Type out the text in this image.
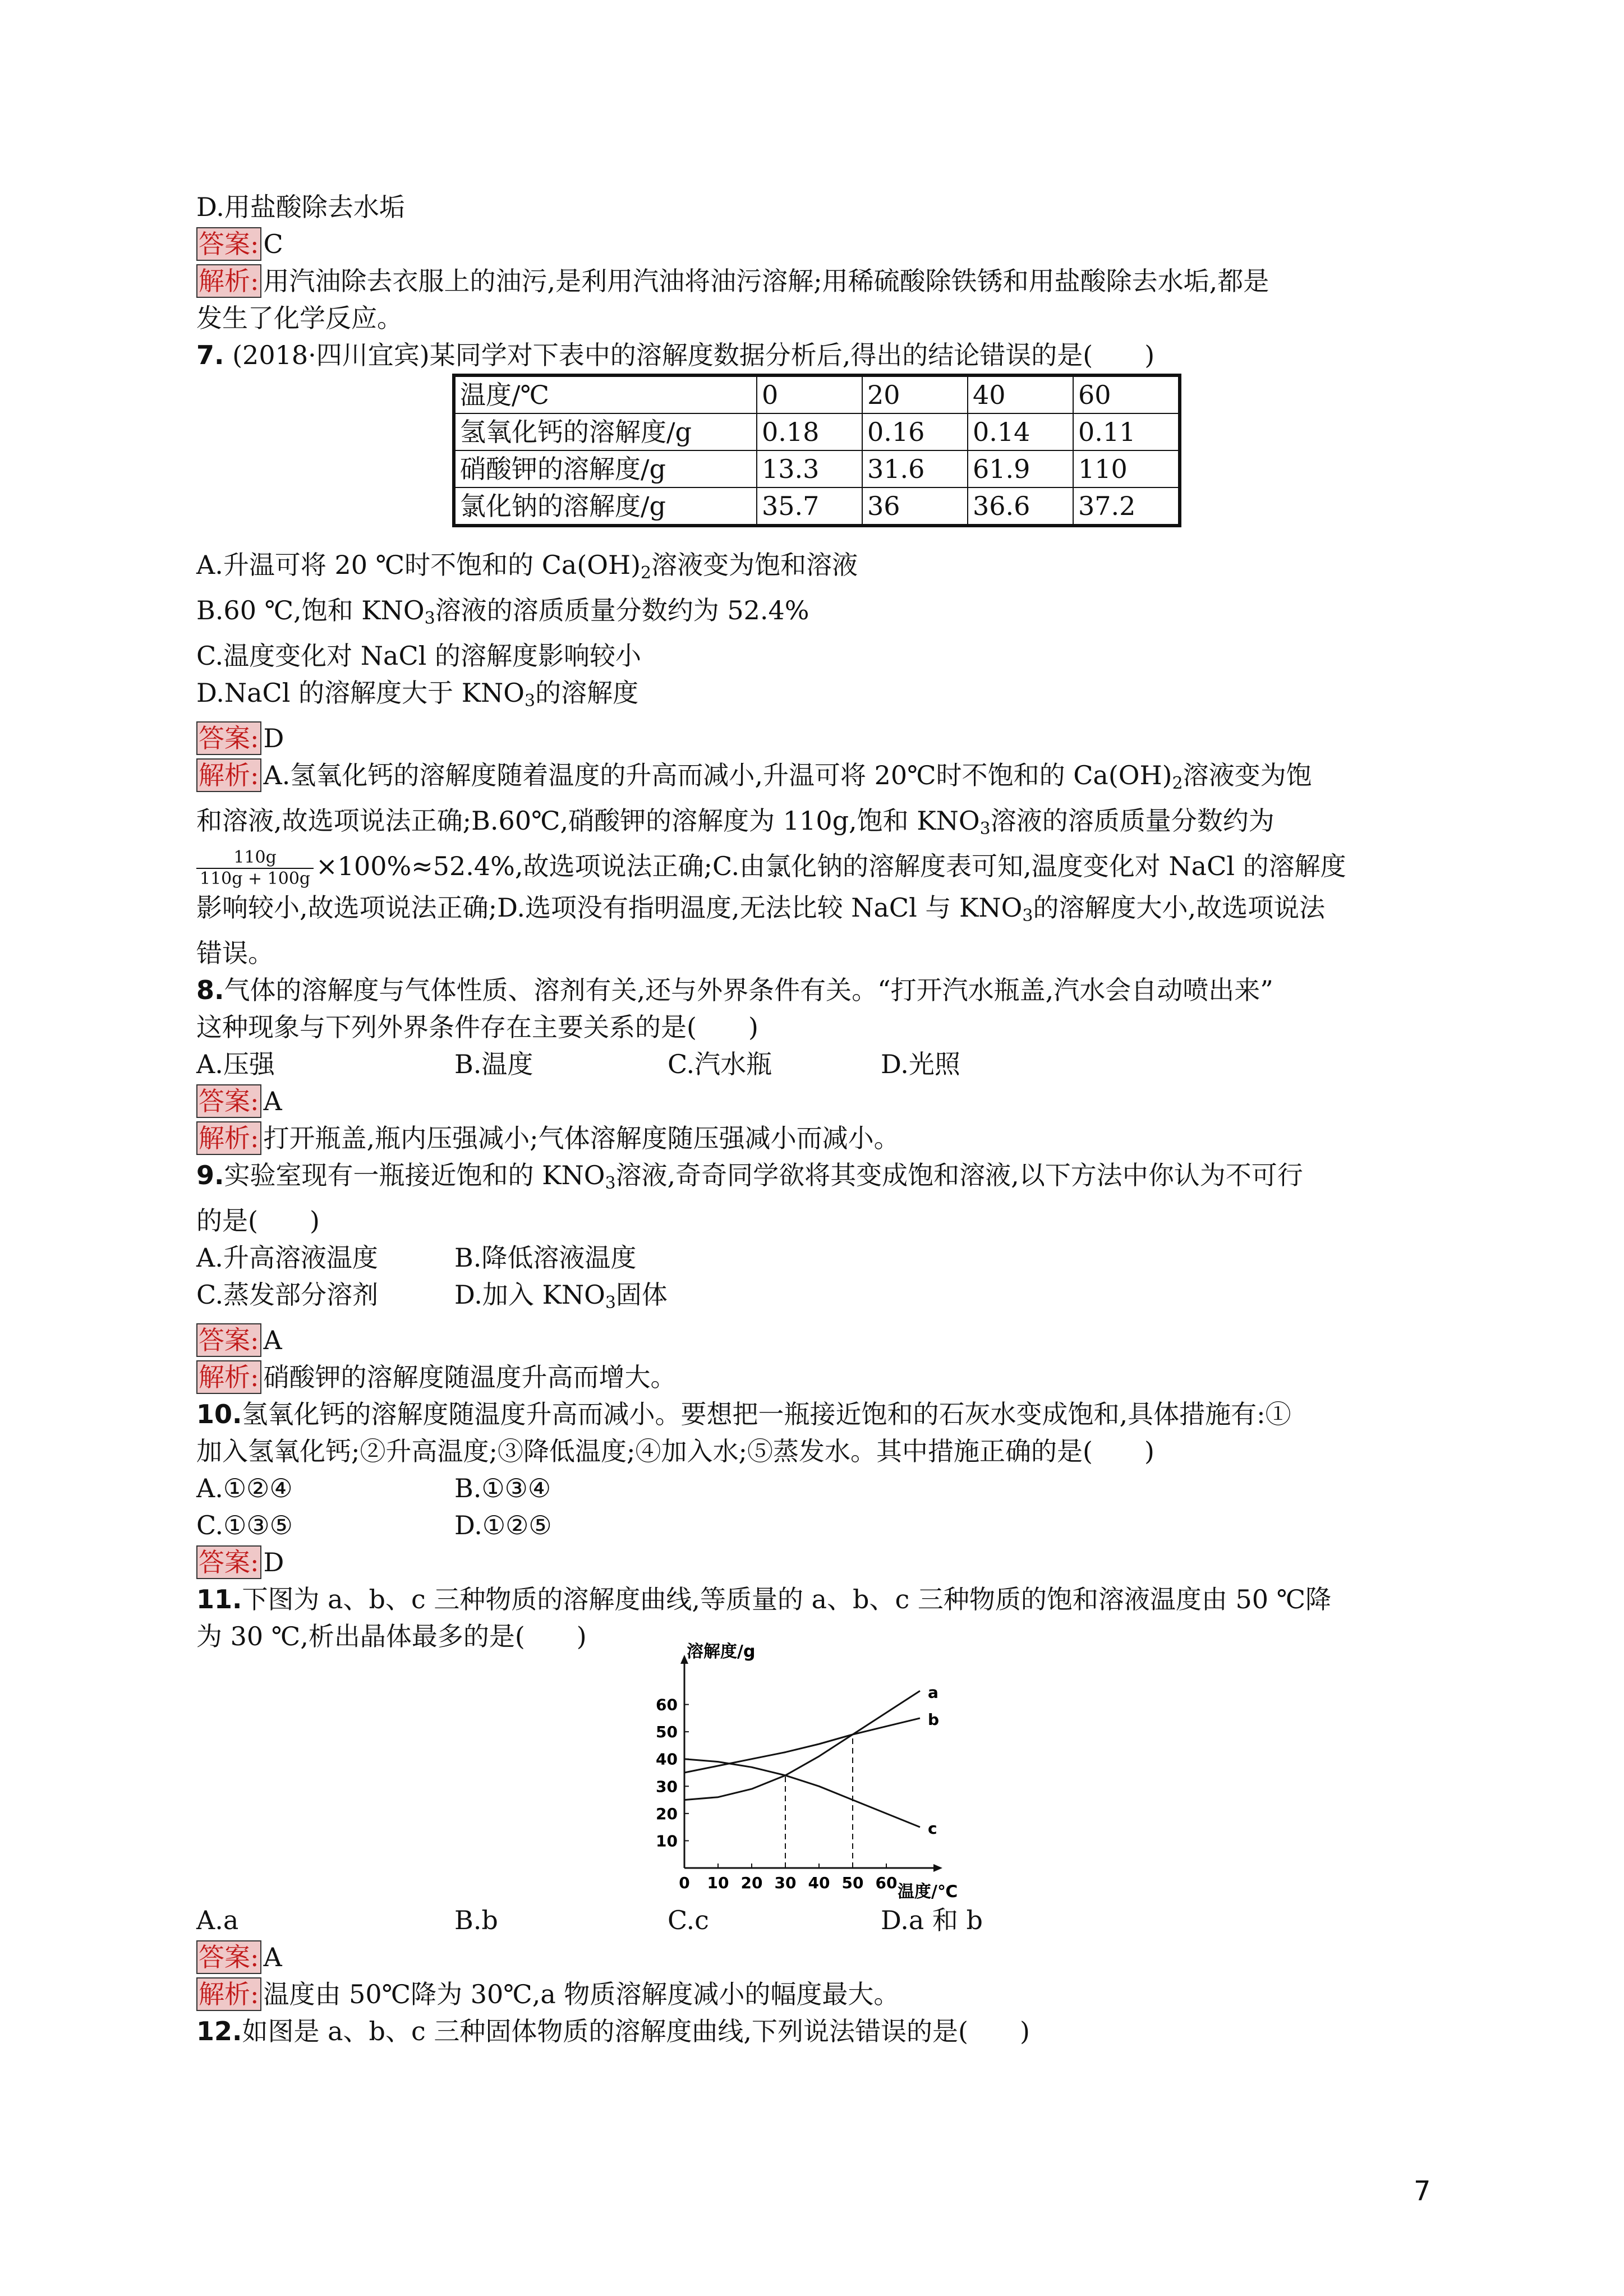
D.用盐酸除去水垢
答案: C
解析: 用汽油除去衣服上的油污,是利用汽油将油污溶解;用稀硫酸除铁锈和用盐酸除去水垢,都是
发生了化学反应。
7. (2018·四川宜宾)某同学对下表中的溶解度数据分析后,得出的结论错误的是(　　)
温度/℃	0	20	40	60
氢氧化钙的溶解度/g	0.18	0.16	0.14	0.11
硝酸钾的溶解度/g	13.3	31.6	61.9	110
氯化钠的溶解度/g	35.7	36	36.6	37.2
A.升温可将 20 ℃时不饱和的 $Ca(OH)_2$溶液变为饱和溶液
B.60 ℃,饱和 $KNO_3$溶液的溶质质量分数约为 52.4%
C.温度变化对 NaCl 的溶解度影响较小
D.NaCl 的溶解度大于 $KNO_3$的溶解度
答案: D
解析: A.氢氧化钙的溶解度随着温度的升高而减小,升温可将 20℃时不饱和的 $Ca(OH)_2$溶液变为饱
和溶液,故选项说法正确;B.60℃,硝酸钾的溶解度为 110g,饱和 $KNO_3$溶液的溶质质量分数约为
$\frac{110g}{110g + 100g} \times 100\%\approx 52.4\%$,故选项说法正确;C.由氯化钠的溶解度表可知,温度变化对 NaCl 的溶解度
影响较小,故选项说法正确;D.选项没有指明温度,无法比较 NaCl 与 $KNO_3$的溶解度大小,故选项说法
错误。
8.气体的溶解度与气体性质、溶剂有关,还与外界条件有关。“打开汽水瓶盖,汽水会自动喷出来”
这种现象与下列外界条件存在主要关系的是(　　)
A.压强	B.温度	C.汽水瓶	D.光照
答案: A
解析: 打开瓶盖,瓶内压强减小;气体溶解度随压强减小而减小。
9.实验室现有一瓶接近饱和的 $KNO_3$溶液,奇奇同学欲将其变成饱和溶液,以下方法中你认为不可行
的是(　　)
A.升高溶液温度	B.降低溶液温度
C.蒸发部分溶剂	D.加入 $KNO_3$固体
答案: A
解析: 硝酸钾的溶解度随温度升高而增大。
10.氢氧化钙的溶解度随温度升高而减小。要想把一瓶接近饱和的石灰水变成饱和,具体措施有:①
加入氢氧化钙;②升高温度;③降低温度;④加入水;⑤蒸发水。其中措施正确的是(　　)
A.①②④	B.①③④
C.①③⑤	D.①②⑤
答案: D
11.下图为 a、b、c 三种物质的溶解度曲线,等质量的 a、b、c 三种物质的饱和溶液温度由 50 ℃降
为 30 ℃,析出晶体最多的是(　　)
0 10 20 30 40 50 60
10
20
30
40
50
60
溶解度/g
温度/℃
a
b
c
A.a	B.b	C.c	D.a 和 b
答案: A
解析: 温度由 50℃降为 30℃,a 物质溶解度减小的幅度最大。
12.如图是 a、b、c 三种固体物质的溶解度曲线,下列说法错误的是(　　)
7
